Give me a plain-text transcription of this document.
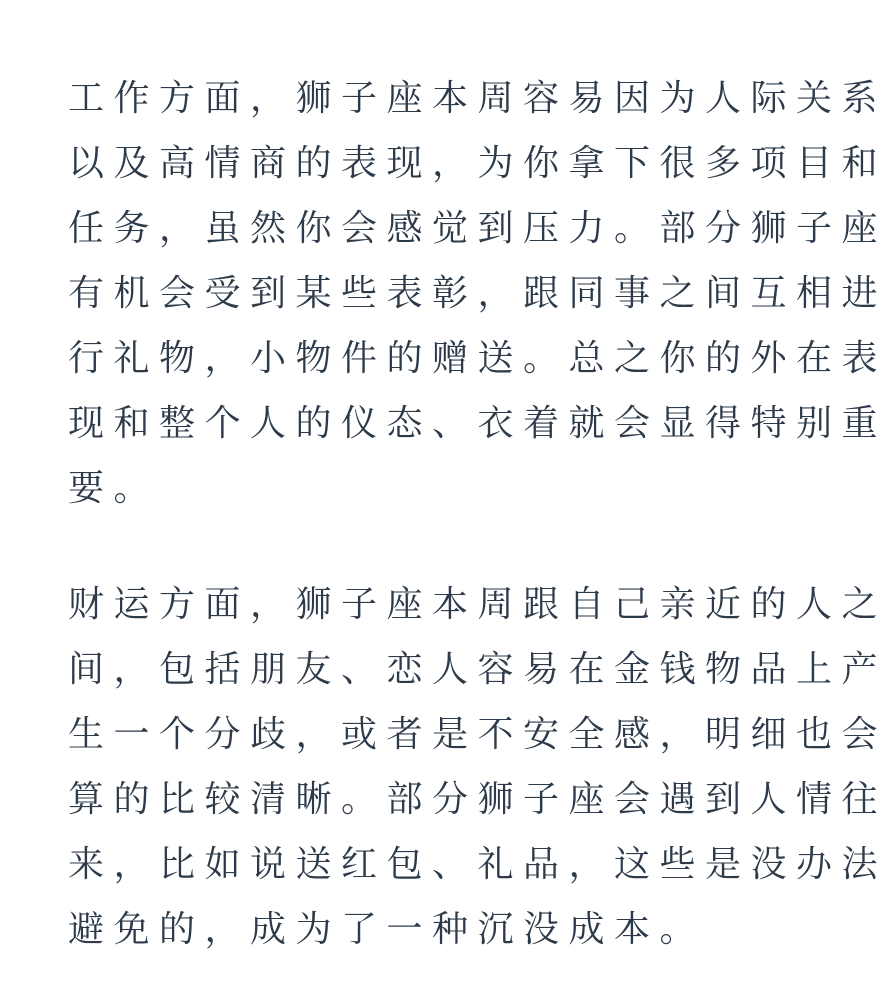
工作方面，狮子座本周容易因为人际关系
以及高情商的表现，为你拿下很多项目和
任务，虽然你会感觉到压力。部分狮子座
有机会受到某些表彰，跟同事之间互相进
行礼物，小物件的赠送。总之你的外在表
现和整个人的仪态、衣着就会显得特别重
要。

财运方面，狮子座本周跟自己亲近的人之
间，包括朋友、恋人容易在金钱物品上产
生一个分歧，或者是不安全感，明细也会
算的比较清晰。部分狮子座会遇到人情往
来，比如说送红包、礼品，这些是没办法
避免的，成为了一种沉没成本。
